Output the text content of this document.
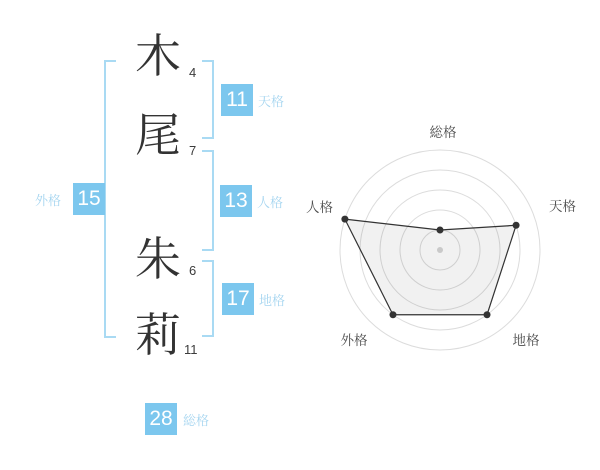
木
尾
朱
莉
4
7
6
11
11 天格
13 人格
15
外格
17 地格
28 総格
総格
天格
地格
外格
人格
